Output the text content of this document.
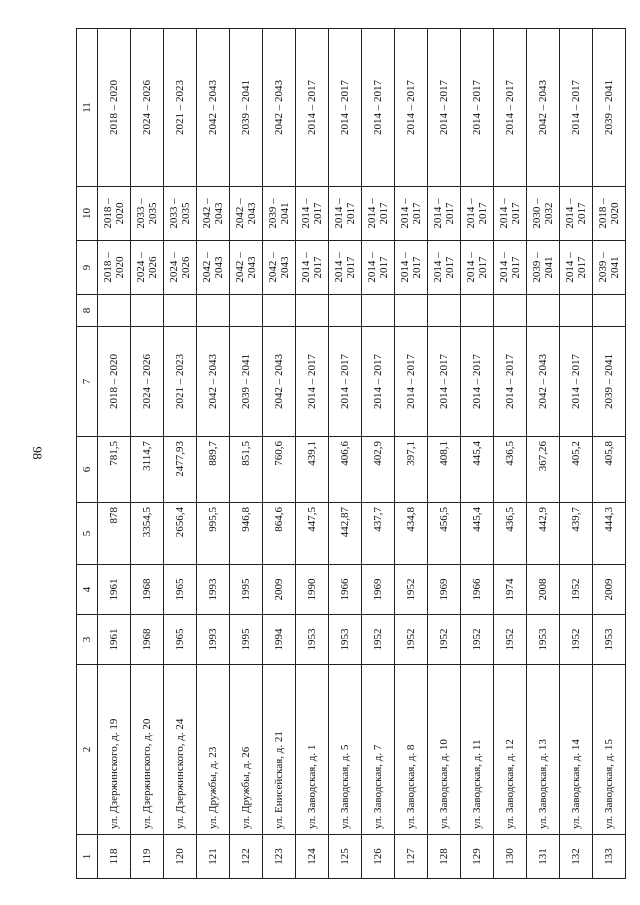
98
1	2	3	4	5	6	7	8	9	10	11
118	ул. Дзержинского, д. 19	1961	1961	878	781,5	2018 – 2020		2018 – 2020	2018 – 2020	2018 – 2020
119	ул. Дзержинского, д. 20	1968	1968	3354,5	3114,7	2024 – 2026		2024 – 2026	2033 – 2035	2024 – 2026
120	ул. Дзержинского, д. 24	1965	1965	2656,4	2477,93	2021 – 2023		2024 – 2026	2033 – 2035	2021 – 2023
121	ул. Дружбы, д. 23	1993	1993	995,5	889,7	2042 – 2043		2042 – 2043	2042 – 2043	2042 – 2043
122	ул. Дружбы, д. 26	1995	1995	946,8	851,5	2039 – 2041		2042 – 2043	2042 – 2043	2039 – 2041
123	ул. Енисейская, д. 21	1994	2009	864,6	760,6	2042 – 2043		2042 – 2043	2039 – 2041	2042 – 2043
124	ул. Заводская, д. 1	1953	1990	447,5	439,1	2014 – 2017		2014 – 2017	2014 – 2017	2014 – 2017
125	ул. Заводская, д. 5	1953	1966	442,87	406,6	2014 – 2017		2014 – 2017	2014 – 2017	2014 – 2017
126	ул. Заводская, д. 7	1952	1969	437,7	402,9	2014 – 2017		2014 – 2017	2014 – 2017	2014 – 2017
127	ул. Заводская, д. 8	1952	1952	434,8	397,1	2014 – 2017		2014 – 2017	2014 – 2017	2014 – 2017
128	ул. Заводская, д. 10	1952	1969	456,5	408,1	2014 – 2017		2014 – 2017	2014 – 2017	2014 – 2017
129	ул. Заводская, д. 11	1952	1966	445,4	445,4	2014 – 2017		2014 – 2017	2014 – 2017	2014 – 2017
130	ул. Заводская, д. 12	1952	1974	436,5	436,5	2014 – 2017		2014 – 2017	2014 – 2017	2014 – 2017
131	ул. Заводская, д. 13	1953	2008	442,9	367,26	2042 – 2043		2039 – 2041	2030 – 2032	2042 – 2043
132	ул. Заводская, д. 14	1952	1952	439,7	405,2	2014 – 2017		2014 – 2017	2014 – 2017	2014 – 2017
133	ул. Заводская, д. 15	1953	2009	444,3	405,8	2039 – 2041		2039 – 2041	2018 – 2020	2039 – 2041
·· · ·
· ·· ·
·· · ·
